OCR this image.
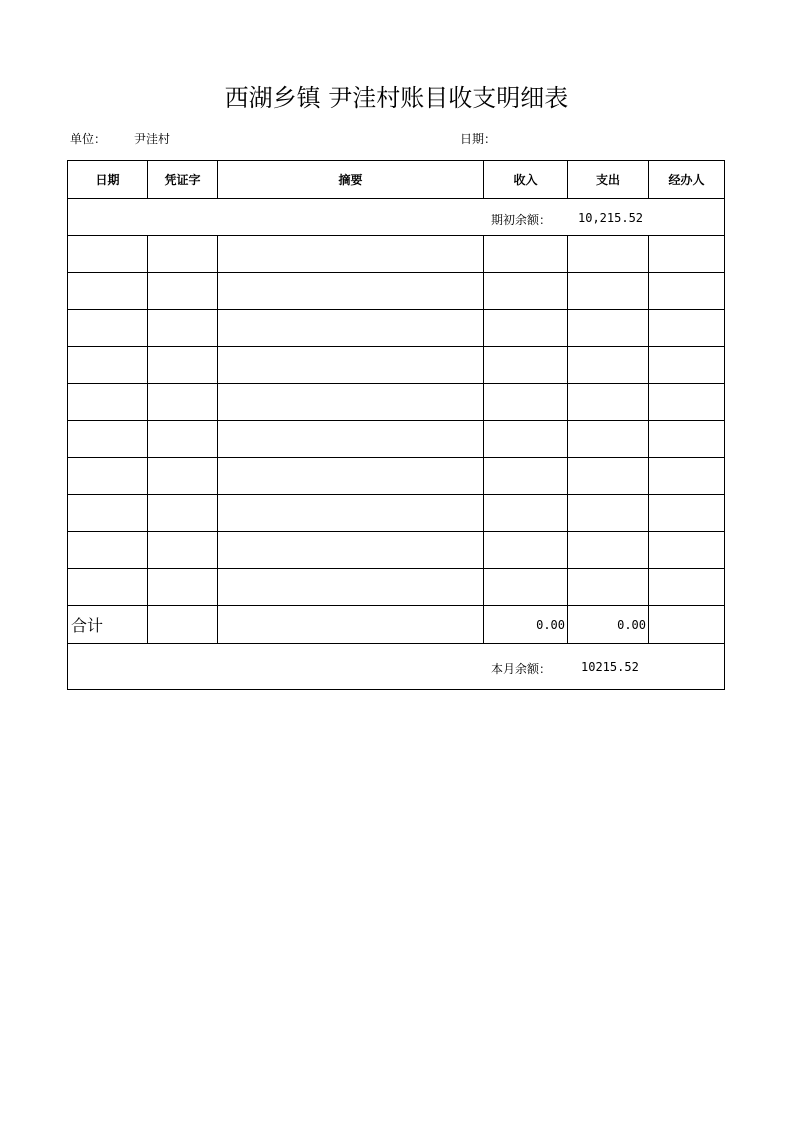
西湖乡镇 尹洼村账目收支明细表
单位： 尹洼村	日期：
日期	凭证字	摘要	收入	支出	经办人

期初余额： 10,215.52					

合计			0.00	0.00	

本月余额： 10215.52					
